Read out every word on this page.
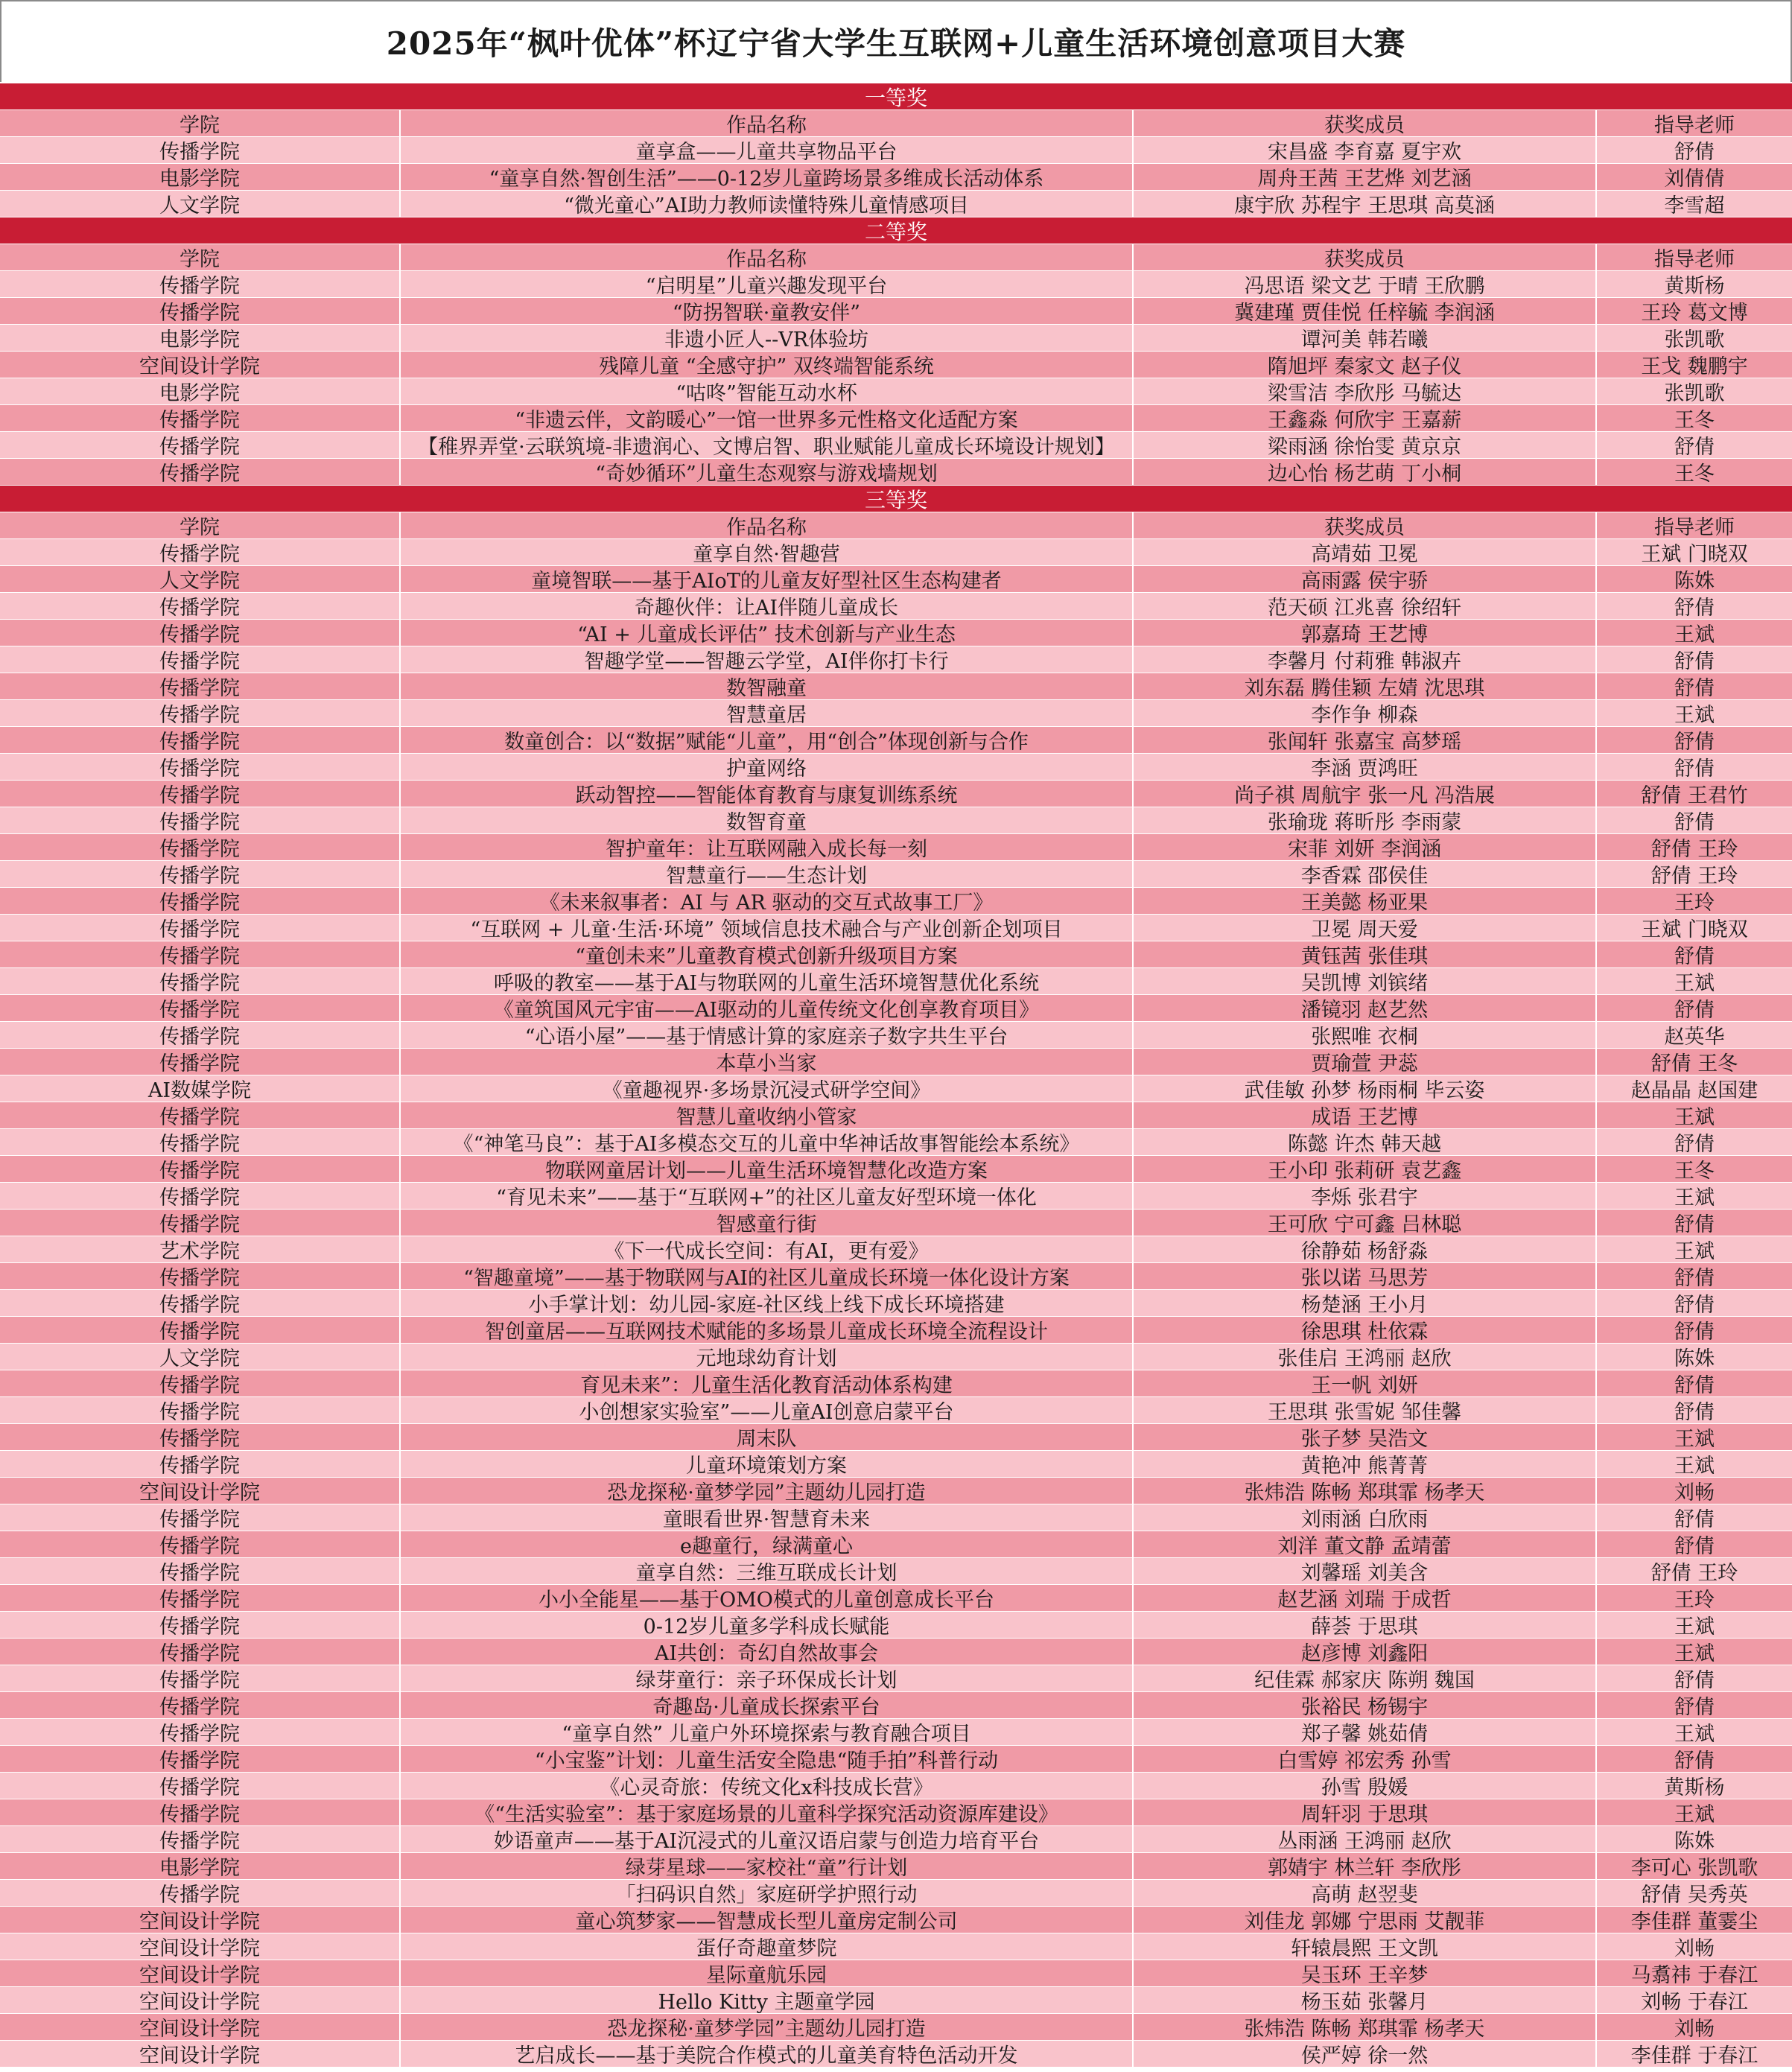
2025年“枫叶优体”杯辽宁省大学生互联网+儿童生活环境创意项目大赛
一等奖
学院	作品名称	获奖成员	指导老师
传播学院	童享盒——儿童共享物品平台	宋昌盛 李育嘉 夏宇欢	舒倩
电影学院	“童享自然·智创生活”——0-12岁儿童跨场景多维成长活动体系	周舟王茜 王艺烨 刘艺涵	刘倩倩
人文学院	“微光童心”AI助力教师读懂特殊儿童情感项目	康宇欣 苏程宇 王思琪 高莫涵	李雪超
二等奖
学院	作品名称	获奖成员	指导老师
传播学院	“启明星”儿童兴趣发现平台	冯思语 梁文艺 于晴 王欣鹏	黄斯杨
传播学院	“防拐智联·童教安伴”	冀建瑾 贾佳悦 任梓毓 李润涵	王玲 葛文博
电影学院	非遗小匠人--VR体验坊	谭河美 韩若曦	张凯歌
空间设计学院	残障儿童 “全感守护” 双终端智能系统	隋旭坪 秦家文 赵子仪	王戈 魏鹏宇
电影学院	“咕咚”智能互动水杯	梁雪洁 李欣彤 马毓达	张凯歌
传播学院	“非遗云伴，文韵暖心”一馆一世界多元性格文化适配方案	王鑫淼 何欣宇 王嘉薪	王冬
传播学院	【稚界弄堂·云联筑境-非遗润心、文博启智、职业赋能儿童成长环境设计规划】	梁雨涵 徐怡雯 黄京京	舒倩
传播学院	“奇妙循环”儿童生态观察与游戏墙规划	边心怡 杨艺萌 丁小桐	王冬
三等奖
学院	作品名称	获奖成员	指导老师
传播学院	童享自然·智趣营	高靖茹 卫冕	王斌 门晓双
人文学院	童境智联——基于AIoT的儿童友好型社区生态构建者	高雨露 侯宇骄	陈姝
传播学院	奇趣伙伴：让AI伴随儿童成长	范天硕 江兆喜 徐绍轩	舒倩
传播学院	“AI + 儿童成长评估” 技术创新与产业生态	郭嘉琦 王艺博	王斌
传播学院	智趣学堂——智趣云学堂，AI伴你打卡行	李馨月 付莉雅 韩淑卉	舒倩
传播学院	数智融童	刘东磊 腾佳颖 左婧 沈思琪	舒倩
传播学院	智慧童居	李作争 柳森	王斌
传播学院	数童创合：以“数据”赋能“儿童”，用“创合”体现创新与合作	张闻轩 张嘉宝 高梦瑶	舒倩
传播学院	护童网络	李涵 贾鸿旺	舒倩
传播学院	跃动智控——智能体育教育与康复训练系统	尚子祺 周航宇 张一凡 冯浩展	舒倩 王君竹
传播学院	数智育童	张瑜珑 蒋昕彤 李雨蒙	舒倩
传播学院	智护童年：让互联网融入成长每一刻	宋菲 刘妍 李润涵	舒倩 王玲
传播学院	智慧童行——生态计划	李香霖 邵侯佳	舒倩 王玲
传播学院	《未来叙事者：AI 与 AR 驱动的交互式故事工厂》	王美懿 杨亚果	王玲
传播学院	“互联网 + 儿童·生活·环境” 领域信息技术融合与产业创新企划项目	卫冕 周天爱	王斌 门晓双
传播学院	“童创未来”儿童教育模式创新升级项目方案	黄钰茜 张佳琪	舒倩
传播学院	呼吸的教室——基于AI与物联网的儿童生活环境智慧优化系统	吴凯博 刘镔绪	王斌
传播学院	《童筑国风元宇宙——AI驱动的儿童传统文化创享教育项目》	潘镜羽 赵艺然	舒倩
传播学院	“心语小屋”——基于情感计算的家庭亲子数字共生平台	张熙唯 衣桐	赵英华
传播学院	本草小当家	贾瑜萱 尹蕊	舒倩 王冬
AI数媒学院	《童趣视界·多场景沉浸式研学空间》	武佳敏 孙梦 杨雨桐 毕云姿	赵晶晶 赵国建
传播学院	智慧儿童收纳小管家	成语 王艺博	王斌
传播学院	《“神笔马良”：基于AI多模态交互的儿童中华神话故事智能绘本系统》	陈懿 许杰 韩天越	舒倩
传播学院	物联网童居计划——儿童生活环境智慧化改造方案	王小印 张莉研 袁艺鑫	王冬
传播学院	“育见未来”——基于“互联网+”的社区儿童友好型环境一体化	李烁 张君宇	王斌
传播学院	智感童行街	王可欣 宁可鑫 吕林聪	舒倩
艺术学院	《下一代成长空间：有AI，更有爱》	徐静茹 杨舒淼	王斌
传播学院	“智趣童境”——基于物联网与AI的社区儿童成长环境一体化设计方案	张以诺 马思芳	舒倩
传播学院	小手掌计划：幼儿园-家庭-社区线上线下成长环境搭建	杨楚涵 王小月	舒倩
传播学院	智创童居——互联网技术赋能的多场景儿童成长环境全流程设计	徐思琪 杜依霖	舒倩
人文学院	元地球幼育计划	张佳启 王鸿丽 赵欣	陈姝
传播学院	育见未来”：儿童生活化教育活动体系构建	王一帆 刘妍	舒倩
传播学院	小创想家实验室”——儿童AI创意启蒙平台	王思琪 张雪妮 邹佳馨	舒倩
传播学院	周末队	张子梦 吴浩文	王斌
传播学院	儿童环境策划方案	黄艳冲 熊菁菁	王斌
空间设计学院	恐龙探秘·童梦学园”主题幼儿园打造	张炜浩 陈畅 郑琪霏 杨孝天	刘畅
传播学院	童眼看世界·智慧育未来	刘雨涵 白欣雨	舒倩
传播学院	e趣童行，绿满童心	刘洋 董文静 孟靖蕾	舒倩
传播学院	童享自然：三维互联成长计划	刘馨瑶 刘美含	舒倩 王玲
传播学院	小小全能星——基于OMO模式的儿童创意成长平台	赵艺涵 刘瑞 于成哲	王玲
传播学院	0-12岁儿童多学科成长赋能	薛荟 于思琪	王斌
传播学院	AI共创：奇幻自然故事会	赵彦博 刘鑫阳	王斌
传播学院	绿芽童行：亲子环保成长计划	纪佳霖 郝家庆 陈朔 魏国	舒倩
传播学院	奇趣岛·儿童成长探索平台	张裕民 杨锡宇	舒倩
传播学院	“童享自然” 儿童户外环境探索与教育融合项目	郑子馨 姚茹倩	王斌
传播学院	“小宝鉴”计划：儿童生活安全隐患“随手拍”科普行动	白雪婷 祁宏秀 孙雪	舒倩
传播学院	《心灵奇旅：传统文化x科技成长营》	孙雪 殷媛	黄斯杨
传播学院	《“生活实验室”：基于家庭场景的儿童科学探究活动资源库建设》	周轩羽 于思琪	王斌
传播学院	妙语童声——基于AI沉浸式的儿童汉语启蒙与创造力培育平台	丛雨涵 王鸿丽 赵欣	陈姝
电影学院	绿芽星球——家校社“童”行计划	郭婧宇 林兰轩 李欣彤	李可心 张凯歌
传播学院	「扫码识自然」家庭研学护照行动	高萌 赵翌斐	舒倩 吴秀英
空间设计学院	童心筑梦家——智慧成长型儿童房定制公司	刘佳龙 郭娜 宁思雨 艾靓菲	李佳群 董霎尘
空间设计学院	蛋仔奇趣童梦院	轩辕晨熙 王文凯	刘畅
空间设计学院	星际童航乐园	吴玉环 王辛梦	马翥祎 于春江
空间设计学院	Hello Kitty 主题童学园	杨玉茹 张馨月	刘畅 于春江
空间设计学院	恐龙探秘·童梦学园”主题幼儿园打造	张炜浩 陈畅 郑琪霏 杨孝天	刘畅
空间设计学院	艺启成长——基于美院合作模式的儿童美育特色活动开发	侯严婷 徐一然	李佳群 于春江
